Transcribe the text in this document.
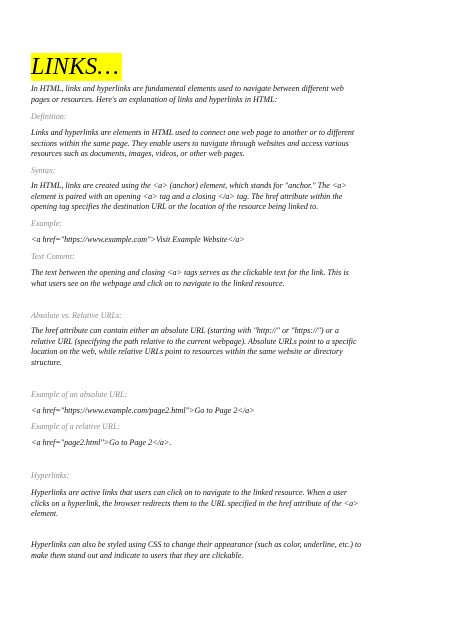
LINKS…
In HTML, links and hyperlinks are fundamental elements used to navigate between different web
pages or resources. Here's an explanation of links and hyperlinks in HTML:
Definition:
Links and hyperlinks are elements in HTML used to connect one web page to another or to different
sections within the same page. They enable users to navigate through websites and access various
resources such as documents, images, videos, or other web pages.
Syntax:
In HTML, links are created using the <a> (anchor) element, which stands for "anchor." The <a>
element is paired with an opening <a> tag and a closing </a> tag. The href attribute within the
opening tag specifies the destination URL or the location of the resource being linked to.
Example:
<a href="https://www.example.com">Visit Example Website</a>
Text Content:
The text between the opening and closing <a> tags serves as the clickable text for the link. This is
what users see on the webpage and click on to navigate to the linked resource.
Absolute vs. Relative URLs:
The href attribute can contain either an absolute URL (starting with "http://" or "https://") or a
relative URL (specifying the path relative to the current webpage). Absolute URLs point to a specific
location on the web, while relative URLs point to resources within the same website or directory
structure.
Example of an absolute URL:
<a href="https://www.example.com/page2.html">Go to Page 2</a>
Example of a relative URL:
<a href="page2.html">Go to Page 2</a>.
Hyperlinks:
Hyperlinks are active links that users can click on to navigate to the linked resource. When a user
clicks on a hyperlink, the browser redirects them to the URL specified in the href attribute of the <a>
element.
Hyperlinks can also be styled using CSS to change their appearance (such as color, underline, etc.) to
make them stand out and indicate to users that they are clickable.
